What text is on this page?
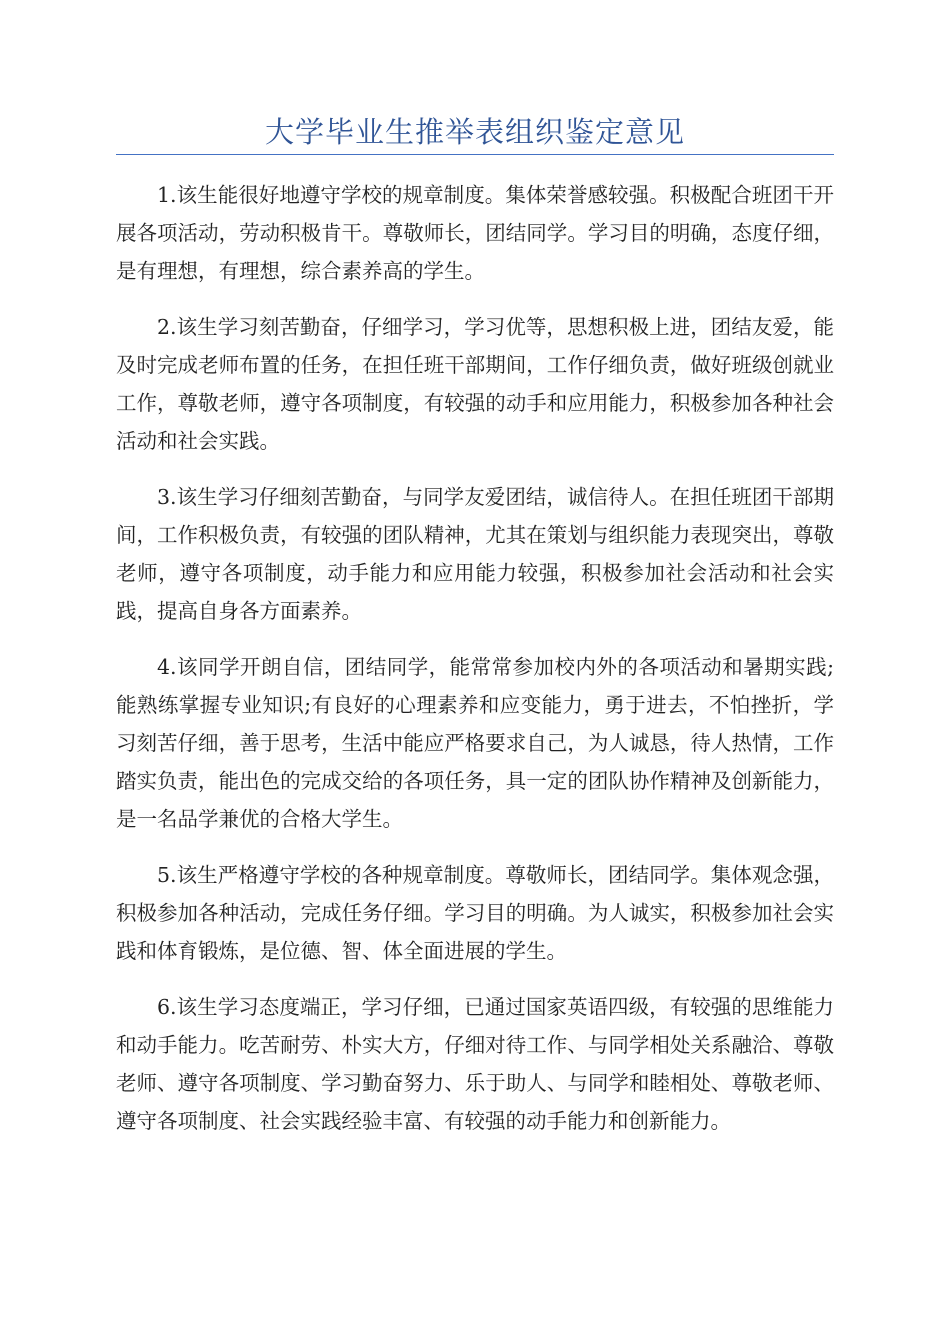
大学毕业生推举表组织鉴定意见

1.该生能很好地遵守学校的规章制度。集体荣誉感较强。积极配合班团干开展各项活动，劳动积极肯干。尊敬师长，团结同学。学习目的明确，态度仔细，是有理想，有理想，综合素养高的学生。

2.该生学习刻苦勤奋，仔细学习，学习优等，思想积极上进，团结友爱，能及时完成老师布置的任务，在担任班干部期间，工作仔细负责，做好班级创就业工作，尊敬老师，遵守各项制度，有较强的动手和应用能力，积极参加各种社会活动和社会实践。

3.该生学习仔细刻苦勤奋，与同学友爱团结，诚信待人。在担任班团干部期间，工作积极负责，有较强的团队精神，尤其在策划与组织能力表现突出，尊敬老师，遵守各项制度，动手能力和应用能力较强，积极参加社会活动和社会实践，提高自身各方面素养。

4.该同学开朗自信，团结同学，能常常参加校内外的各项活动和暑期实践;能熟练掌握专业知识;有良好的心理素养和应变能力，勇于进去，不怕挫折，学习刻苦仔细，善于思考，生活中能应严格要求自己，为人诚恳，待人热情，工作踏实负责，能出色的完成交给的各项任务，具一定的团队协作精神及创新能力，是一名品学兼优的合格大学生。

5.该生严格遵守学校的各种规章制度。尊敬师长，团结同学。集体观念强，积极参加各种活动，完成任务仔细。学习目的明确。为人诚实，积极参加社会实践和体育锻炼，是位德、智、体全面进展的学生。

6.该生学习态度端正，学习仔细，已通过国家英语四级，有较强的思维能力和动手能力。吃苦耐劳、朴实大方，仔细对待工作、与同学相处关系融洽、尊敬老师、遵守各项制度、学习勤奋努力、乐于助人、与同学和睦相处、尊敬老师、遵守各项制度、社会实践经验丰富、有较强的动手能力和创新能力。
